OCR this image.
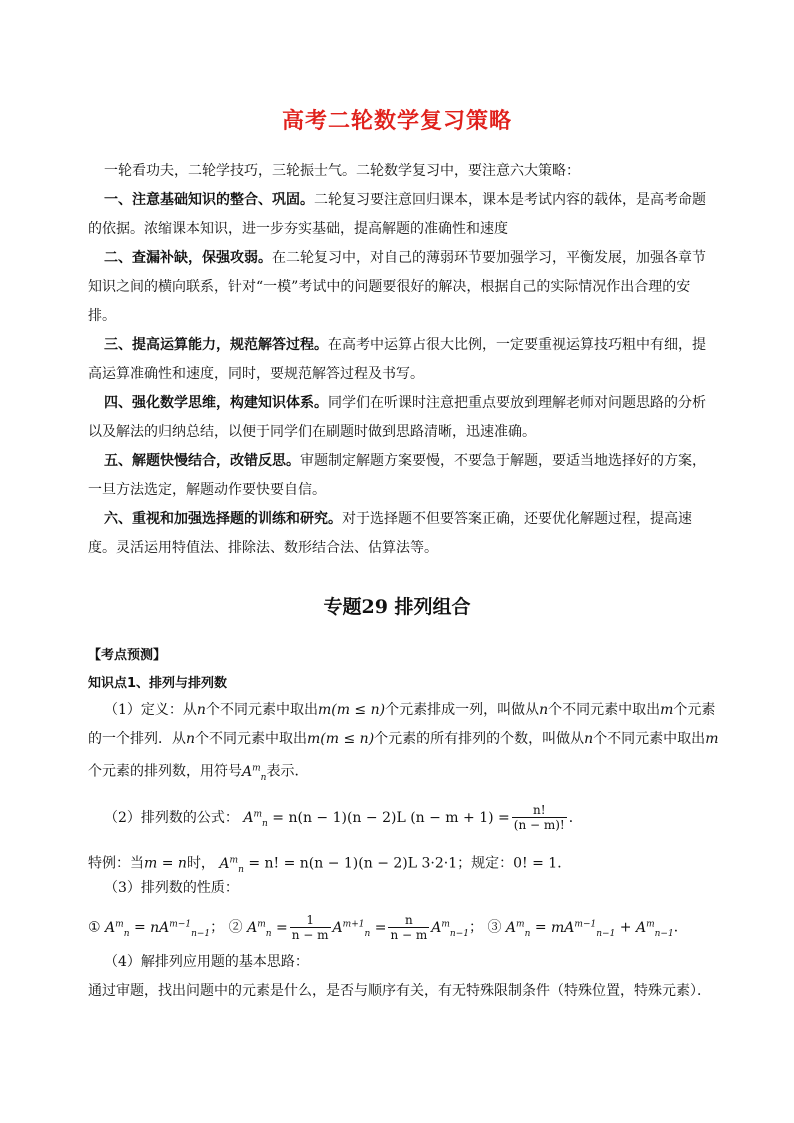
高考二轮数学复习策略

一轮看功夫，二轮学技巧，三轮振士气。二轮数学复习中，要注意六大策略：

一、注意基础知识的整合、巩固。二轮复习要注意回归课本，课本是考试内容的载体，是高考命题的依据。浓缩课本知识，进一步夯实基础，提高解题的准确性和速度

二、查漏补缺，保强攻弱。在二轮复习中，对自己的薄弱环节要加强学习，平衡发展，加强各章节知识之间的横向联系，针对“一模”考试中的问题要很好的解决，根据自己的实际情况作出合理的安排。

三、提高运算能力，规范解答过程。在高考中运算占很大比例，一定要重视运算技巧粗中有细，提高运算准确性和速度，同时，要规范解答过程及书写。

四、强化数学思维，构建知识体系。同学们在听课时注意把重点要放到理解老师对问题思路的分析以及解法的归纳总结，以便于同学们在刷题时做到思路清晰，迅速准确。

五、解题快慢结合，改错反思。审题制定解题方案要慢，不要急于解题，要适当地选择好的方案，一旦方法选定，解题动作要快要自信。

六、重视和加强选择题的训练和研究。对于选择题不但要答案正确，还要优化解题过程，提高速度。灵活运用特值法、排除法、数形结合法、估算法等。

专题29 排列组合
【考点预测】
知识点1、排列与排列数

（1）定义：从n个不同元素中取出m(m ≤ n)个元素排成一列，叫做从n个不同元素中取出m个元素的一个排列．从n个不同元素中取出m(m ≤ n)个元素的所有排列的个数，叫做从n个不同元素中取出m个元素的排列数，用符号$A^m_n$表示．

（2）排列数的公式： $A^m_n = n(n - 1)(n - 2)L$ $(n - m + 1) = \frac{n!}{(n - m)!}$ ．
特例：当m = n时， $A^m_n = n$! = n(n − 1)(n − 2)L 3·2·1；规定：0! = 1．
（3）排列数的性质：
① $A^m_n = nA^{m-1}_{n-1}$； ② $A^m_n = \frac{1}{n - m} A^{m+1}_n = \frac{n}{n - m} A^m_{n-1}$； ③ $A^m_n = mA^{m-1}_{n-1} + A^m_{n-1}$．
（4）解排列应用题的基本思路：

通过审题，找出问题中的元素是什么，是否与顺序有关，有无特殊限制条件（特殊位置，特殊元素）．
